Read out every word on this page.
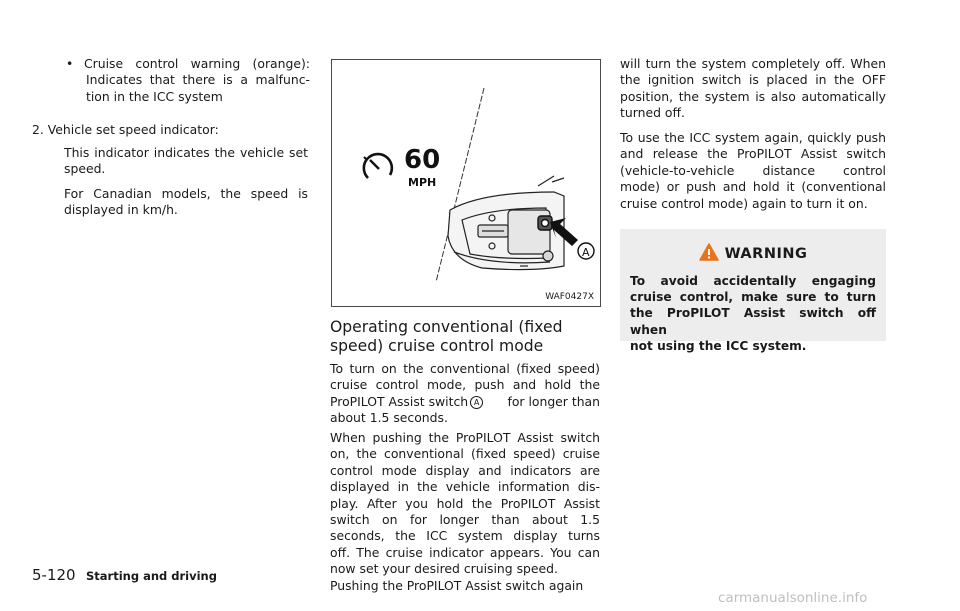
• Cruise control warning (orange):
Indicates that there is a malfunc-
tion in the ICC system
2. Vehicle set speed indicator:
This indicator indicates the vehicle set
speed.
For Canadian models, the speed is
displayed in km/h.
60
MPH
A
WAF0427X
Operating conventional (fixed
speed) cruise control mode
To turn on the conventional (fixed speed)
cruise control mode, push and hold the
ProPILOT Assist switch A	for longer than
about 1.5 seconds.
When pushing the ProPILOT Assist switch
on, the conventional (fixed speed) cruise
control mode display and indicators are
displayed in the vehicle information dis-
play. After you hold the ProPILOT Assist
switch on for longer than about 1.5
seconds, the ICC system display turns
off. The cruise indicator appears. You can
now set your desired cruising speed.
Pushing the ProPILOT Assist switch again
will turn the system completely off. When
the ignition switch is placed in the OFF
position, the system is also automatically
turned off.
To use the ICC system again, quickly push
and release the ProPILOT Assist switch
(vehicle-to-vehicle distance control
mode) or push and hold it (conventional
cruise control mode) again to turn it on.
WARNING
To avoid accidentally engaging
cruise control, make sure to turn
the ProPILOT Assist switch off when
not using the ICC system.
5-120 Starting and driving
carmanualsonline.info
